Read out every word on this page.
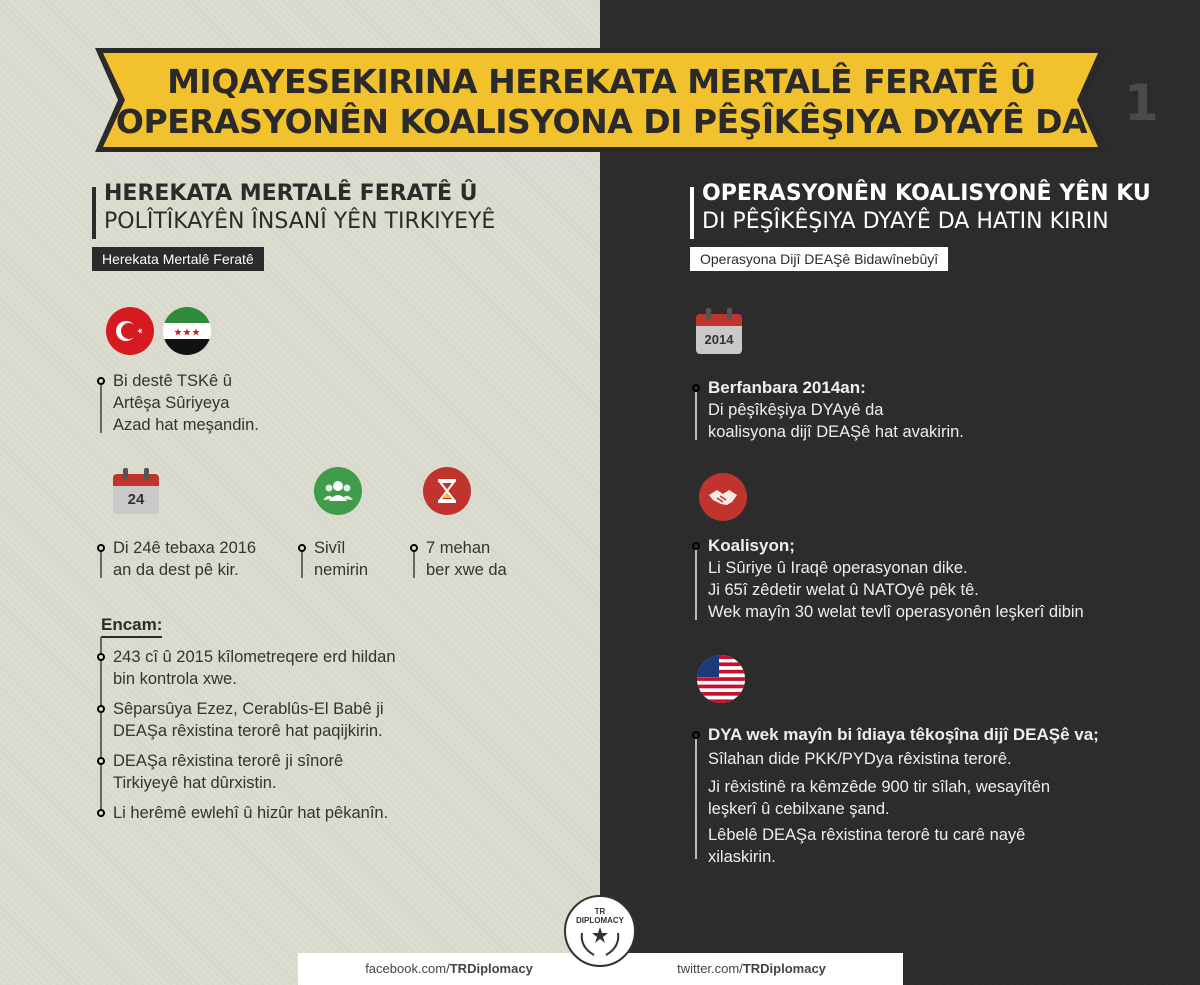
MIQAYESEKIRINA HEREKATA MERTALÊ FERATÊ Û
OPERASYONÊN KOALISYONA DI PÊŞÎKÊŞIYA DYAYÊ DA 1
HEREKATA MERTALÊ FERATÊ Û
POLÎTÎKAYÊN ÎNSANÎ YÊN TIRKIYEYÊ
Herekata Mertalê Feratê
OPERASYONÊN KOALISYONÊ YÊN KU
DI PÊŞÎKÊŞIYA DYAYÊ DA HATIN KIRIN
Operasyona Dijî DEAŞê Bidawînebûyî
★★★
Bi destê TSKê û
Artêşa Sûriyeya
Azad hat meşandin.
24
Di 24ê tebaxa 2016
an da dest pê kir.
Sivîl
nemirin
7 mehan
ber xwe da
Encam:
243 cî û 2015 kîlometreqere erd hildan
bin kontrola xwe.
Sêparsûya Ezez, Cerablûs-El Babê ji
DEAŞa rêxistina terorê hat paqijkirin.
DEAŞa rêxistina terorê ji sînorê
Tirkiyeyê hat dûrxistin.
Li herêmê ewlehî û hizûr hat pêkanîn.
2014
Berfanbara 2014an:
Di pêşîkêşiya DYAyê da
koalisyona dijî DEAŞê hat avakirin.
Koalisyon;
Li Sûriye û Iraqê operasyonan dike.
Ji 65î zêdetir welat û NATOyê pêk tê.
Wek mayîn 30 welat tevlî operasyonên leşkerî dibin
DYA wek mayîn bi îdiaya têkoşîna dijî DEAŞê va;
Sîlahan dide PKK/PYDya rêxistina terorê.
Ji rêxistinê ra kêmzêde 900 tir sîlah, wesayîtên
leşkerî û cebilxane şand.
Lêbelê DEAŞa rêxistina terorê tu carê nayê
xilaskirin.
facebook.com/TRDiplomacy	twitter.com/TRDiplomacy
TR
DIPLOMACY
